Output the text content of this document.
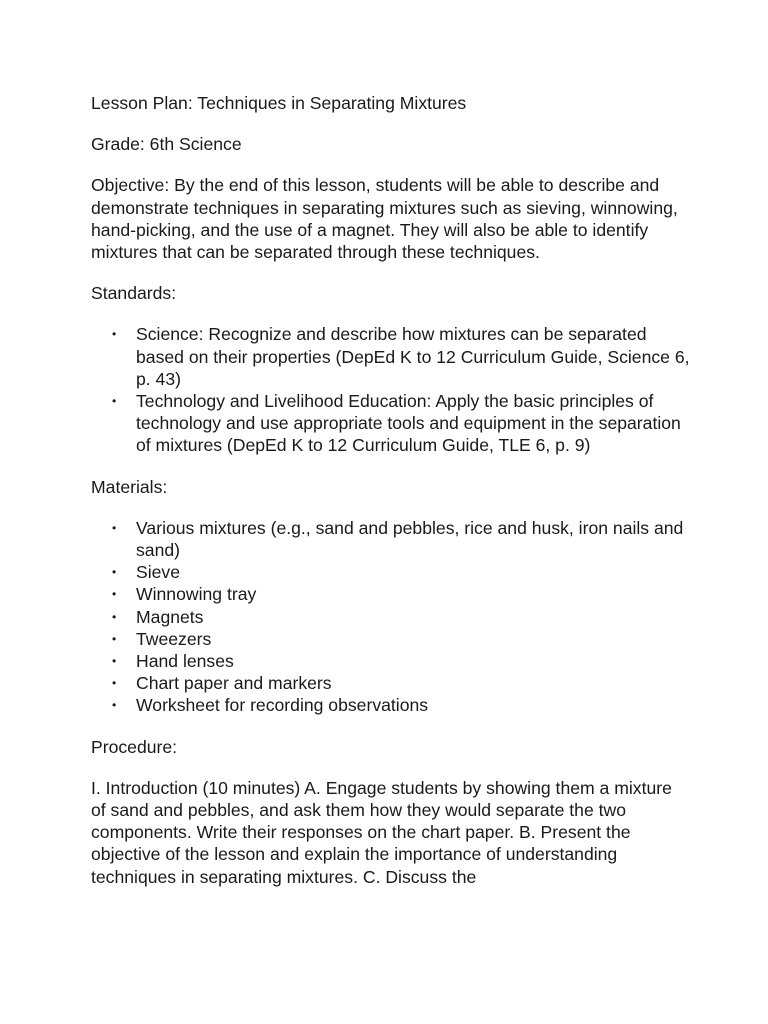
Lesson Plan: Techniques in Separating Mixtures

Grade: 6th Science

Objective: By the end of this lesson, students will be able to describe and demonstrate techniques in separating mixtures such as sieving, winnowing, hand-picking, and the use of a magnet. They will also be able to identify mixtures that can be separated through these techniques.

Standards:

• Science: Recognize and describe how mixtures can be separated based on their properties (DepEd K to 12 Curriculum Guide, Science 6, p. 43)
• Technology and Livelihood Education: Apply the basic principles of technology and use appropriate tools and equipment in the separation of mixtures (DepEd K to 12 Curriculum Guide, TLE 6, p. 9)

Materials:

• Various mixtures (e.g., sand and pebbles, rice and husk, iron nails and sand)
• Sieve
• Winnowing tray
• Magnets
• Tweezers
• Hand lenses
• Chart paper and markers
• Worksheet for recording observations

Procedure:

I. Introduction (10 minutes) A. Engage students by showing them a mixture of sand and pebbles, and ask them how they would separate the two components. Write their responses on the chart paper. B. Present the objective of the lesson and explain the importance of understanding techniques in separating mixtures. C. Discuss the
